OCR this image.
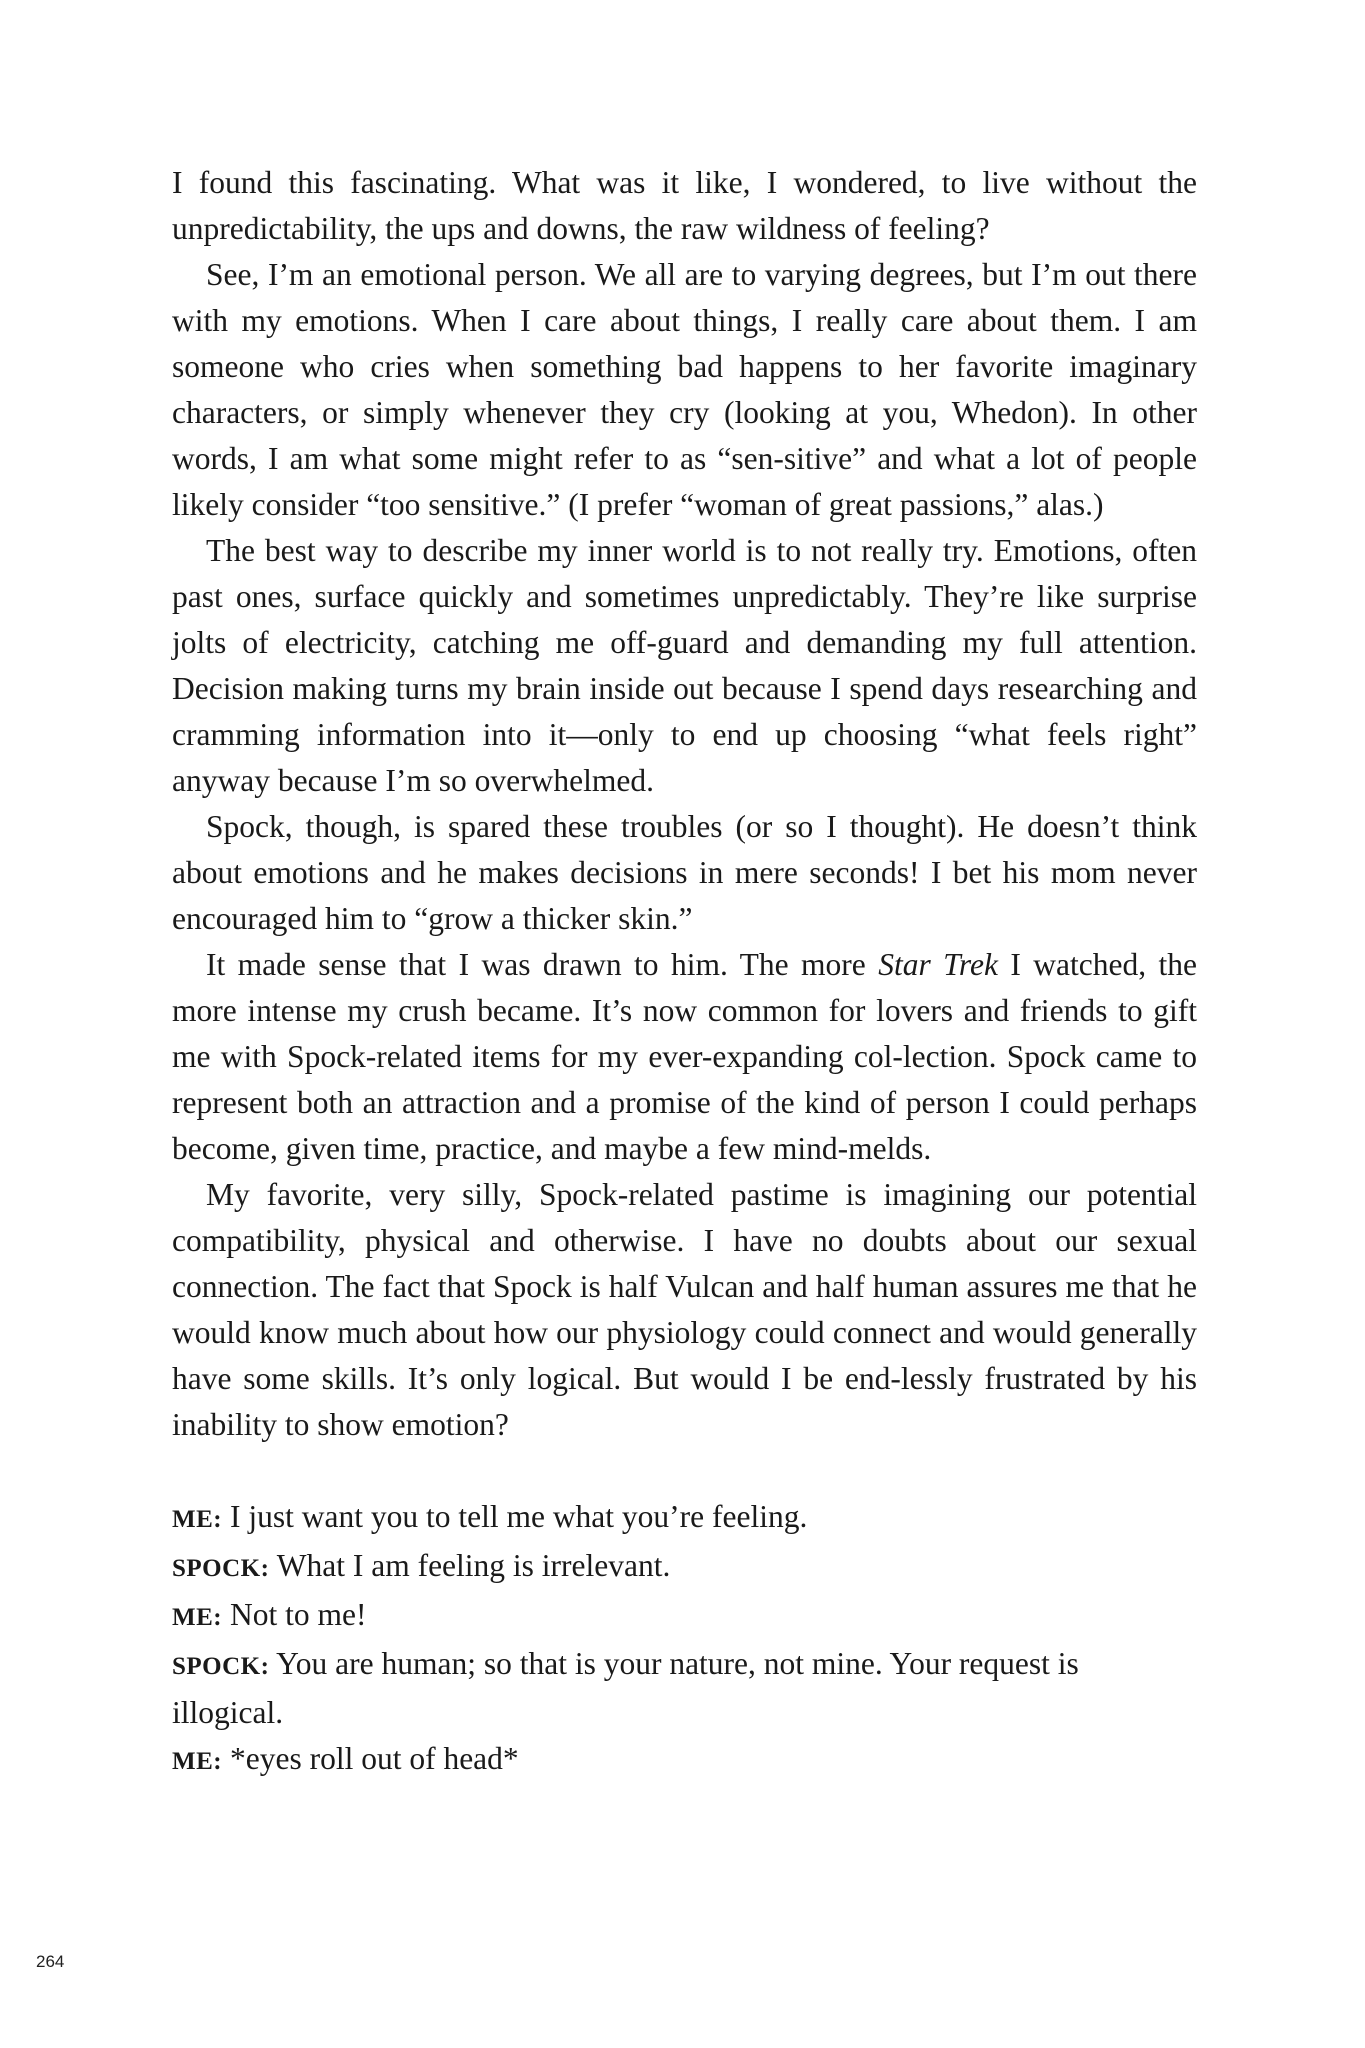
I found this fascinating. What was it like, I wondered, to live without the unpredictability, the ups and downs, the raw wildness of feeling?

See, I’m an emotional person. We all are to varying degrees, but I’m out there with my emotions. When I care about things, I really care about them. I am someone who cries when something bad happens to her favorite imaginary characters, or simply whenever they cry (looking at you, Whedon). In other words, I am what some might refer to as “sen-sitive” and what a lot of people likely consider “too sensitive.” (I prefer “woman of great passions,” alas.)

The best way to describe my inner world is to not really try. Emotions, often past ones, surface quickly and sometimes unpredictably. They’re like surprise jolts of electricity, catching me off-guard and demanding my full attention. Decision making turns my brain inside out because I spend days researching and cramming information into it—only to end up choosing “what feels right” anyway because I’m so overwhelmed.

Spock, though, is spared these troubles (or so I thought). He doesn’t think about emotions and he makes decisions in mere seconds! I bet his mom never encouraged him to “grow a thicker skin.”

It made sense that I was drawn to him. The more Star Trek I watched, the more intense my crush became. It’s now common for lovers and friends to gift me with Spock-related items for my ever-expanding col-lection. Spock came to represent both an attraction and a promise of the kind of person I could perhaps become, given time, practice, and maybe a few mind-melds.

My favorite, very silly, Spock-related pastime is imagining our potential compatibility, physical and otherwise. I have no doubts about our sexual connection. The fact that Spock is half Vulcan and half human assures me that he would know much about how our physiology could connect and would generally have some skills. It’s only logical. But would I be end-lessly frustrated by his inability to show emotion?

ME: I just want you to tell me what you’re feeling.

SPOCK: What I am feeling is irrelevant.

ME: Not to me!

SPOCK: You are human; so that is your nature, not mine. Your request is illogical.

ME: *eyes roll out of head*

264
